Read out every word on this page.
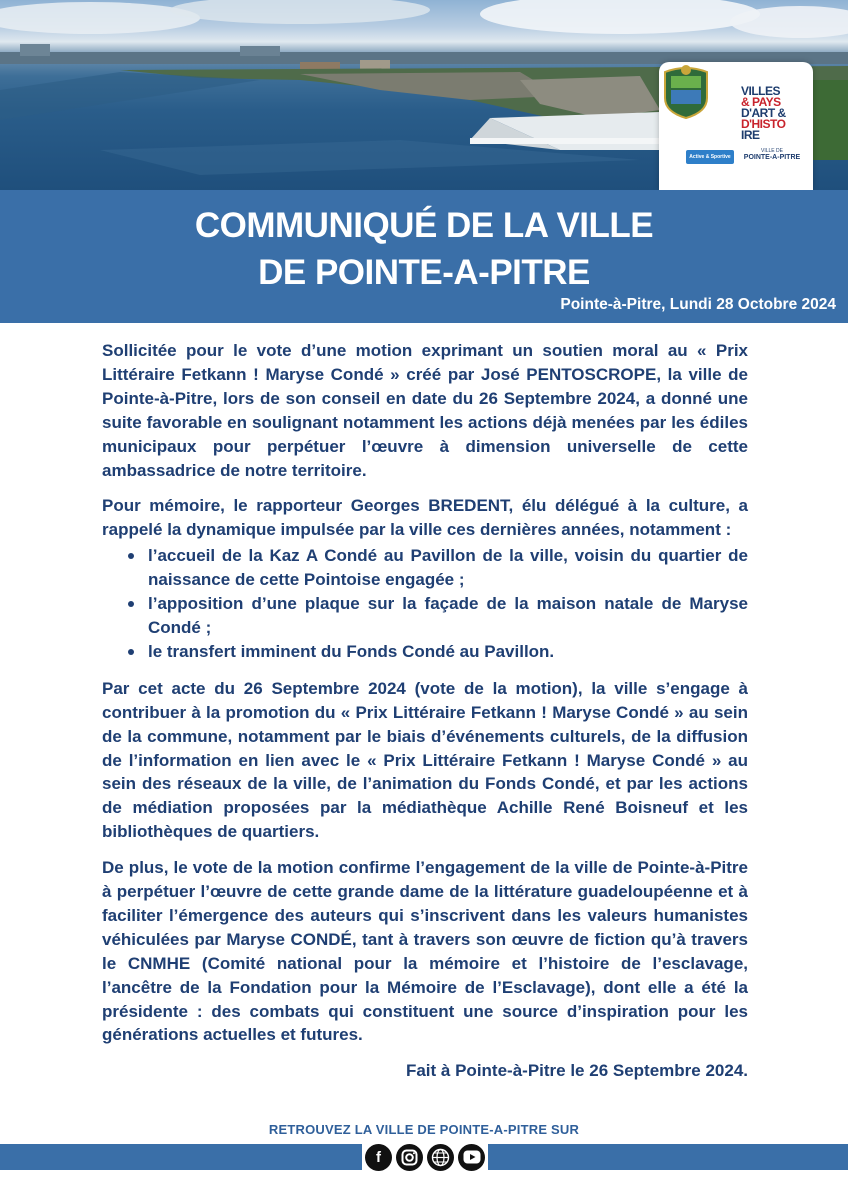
Active & Sportive
VILLES
& PAYS
D'ART &
D'HISTO
IRE
VILLE DE
POINTE-A-PITRE
COMMUNIQUÉ DE LA VILLE
DE POINTE-A-PITRE
Pointe-à-Pitre, Lundi 28 Octobre 2024

Sollicitée pour le vote d’une motion exprimant un soutien moral au « Prix Littéraire Fetkann ! Maryse Condé » créé par José PENTOSCROPE, la ville de Pointe-à-Pitre, lors de son conseil en date du 26 Septembre 2024, a donné une suite favorable en soulignant notamment les actions déjà menées par les édiles municipaux pour perpétuer l’œuvre à dimension universelle de cette ambassadrice de notre territoire.

Pour mémoire, le rapporteur Georges BREDENT, élu délégué à la culture, a rappelé la dynamique impulsée par la ville ces dernières années, notamment :

l’accueil de la Kaz A Condé au Pavillon de la ville, voisin du quartier de naissance de cette Pointoise engagée ;
l’apposition d’une plaque sur la façade de la maison natale de Maryse Condé ;
le transfert imminent du Fonds Condé au Pavillon.

Par cet acte du 26 Septembre 2024 (vote de la motion), la ville s’engage à contribuer à la promotion du « Prix Littéraire Fetkann ! Maryse Condé » au sein de la commune, notamment par le biais d’événements culturels, de la diffusion de l’information en lien avec le « Prix Littéraire Fetkann ! Maryse Condé » au sein des réseaux de la ville, de l’animation du Fonds Condé, et par les actions de médiation proposées par la médiathèque Achille René Boisneuf et les bibliothèques de quartiers.

De plus, le vote de la motion confirme l’engagement de la ville de Pointe-à-Pitre à perpétuer l’œuvre de cette grande dame de la littérature guadeloupéenne et à faciliter l’émergence des auteurs qui s’inscrivent dans les valeurs humanistes véhiculées par Maryse CONDÉ, tant à travers son œuvre de fiction qu’à travers le CNMHE (Comité national pour la mémoire et l’histoire de l’esclavage, l’ancêtre de la Fondation pour la Mémoire de l’Esclavage), dont elle a été la présidente : des combats qui constituent une source d’inspiration pour les générations actuelles et futures.

Fait à Pointe-à-Pitre le 26 Septembre 2024.
RETROUVEZ LA VILLE DE POINTE-A-PITRE SUR
f
